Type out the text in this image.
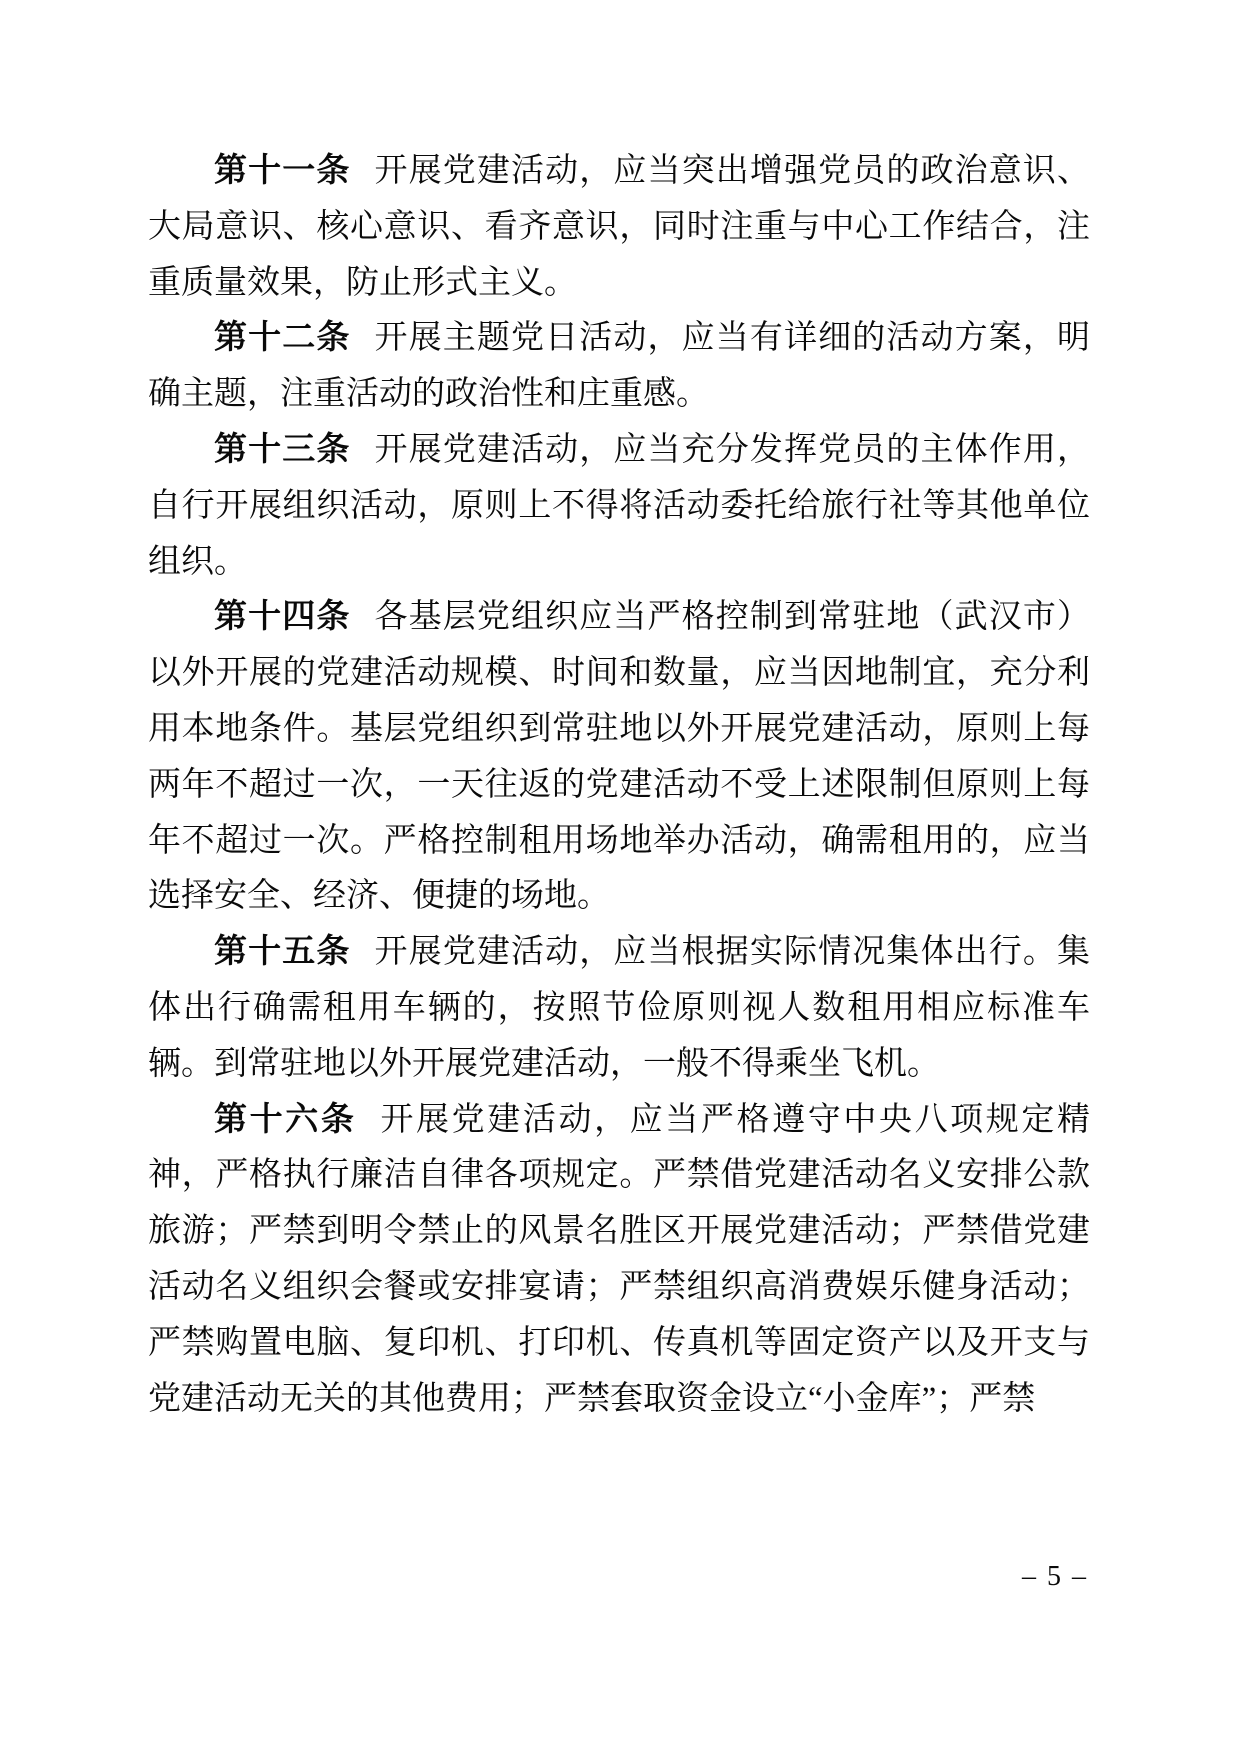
第十一条 开展党建活动，应当突出增强党员的政治意识、
大局意识、核心意识、看齐意识，同时注重与中心工作结合，注
重质量效果，防止形式主义。
第十二条 开展主题党日活动，应当有详细的活动方案，明
确主题，注重活动的政治性和庄重感。
第十三条 开展党建活动，应当充分发挥党员的主体作用，
自行开展组织活动，原则上不得将活动委托给旅行社等其他单位
组织。
第十四条 各基层党组织应当严格控制到常驻地（武汉市）
以外开展的党建活动规模、时间和数量，应当因地制宜，充分利
用本地条件。基层党组织到常驻地以外开展党建活动，原则上每
两年不超过一次，一天往返的党建活动不受上述限制但原则上每
年不超过一次。严格控制租用场地举办活动，确需租用的，应当
选择安全、经济、便捷的场地。
第十五条 开展党建活动，应当根据实际情况集体出行。集
体出行确需租用车辆的，按照节俭原则视人数租用相应标准车
辆。到常驻地以外开展党建活动，一般不得乘坐飞机。
第十六条 开展党建活动，应当严格遵守中央八项规定精
神，严格执行廉洁自律各项规定。严禁借党建活动名义安排公款
旅游；严禁到明令禁止的风景名胜区开展党建活动；严禁借党建
活动名义组织会餐或安排宴请；严禁组织高消费娱乐健身活动；
严禁购置电脑、复印机、打印机、传真机等固定资产以及开支与
党建活动无关的其他费用；严禁套取资金设立“小金库”；严禁
– 5 –
